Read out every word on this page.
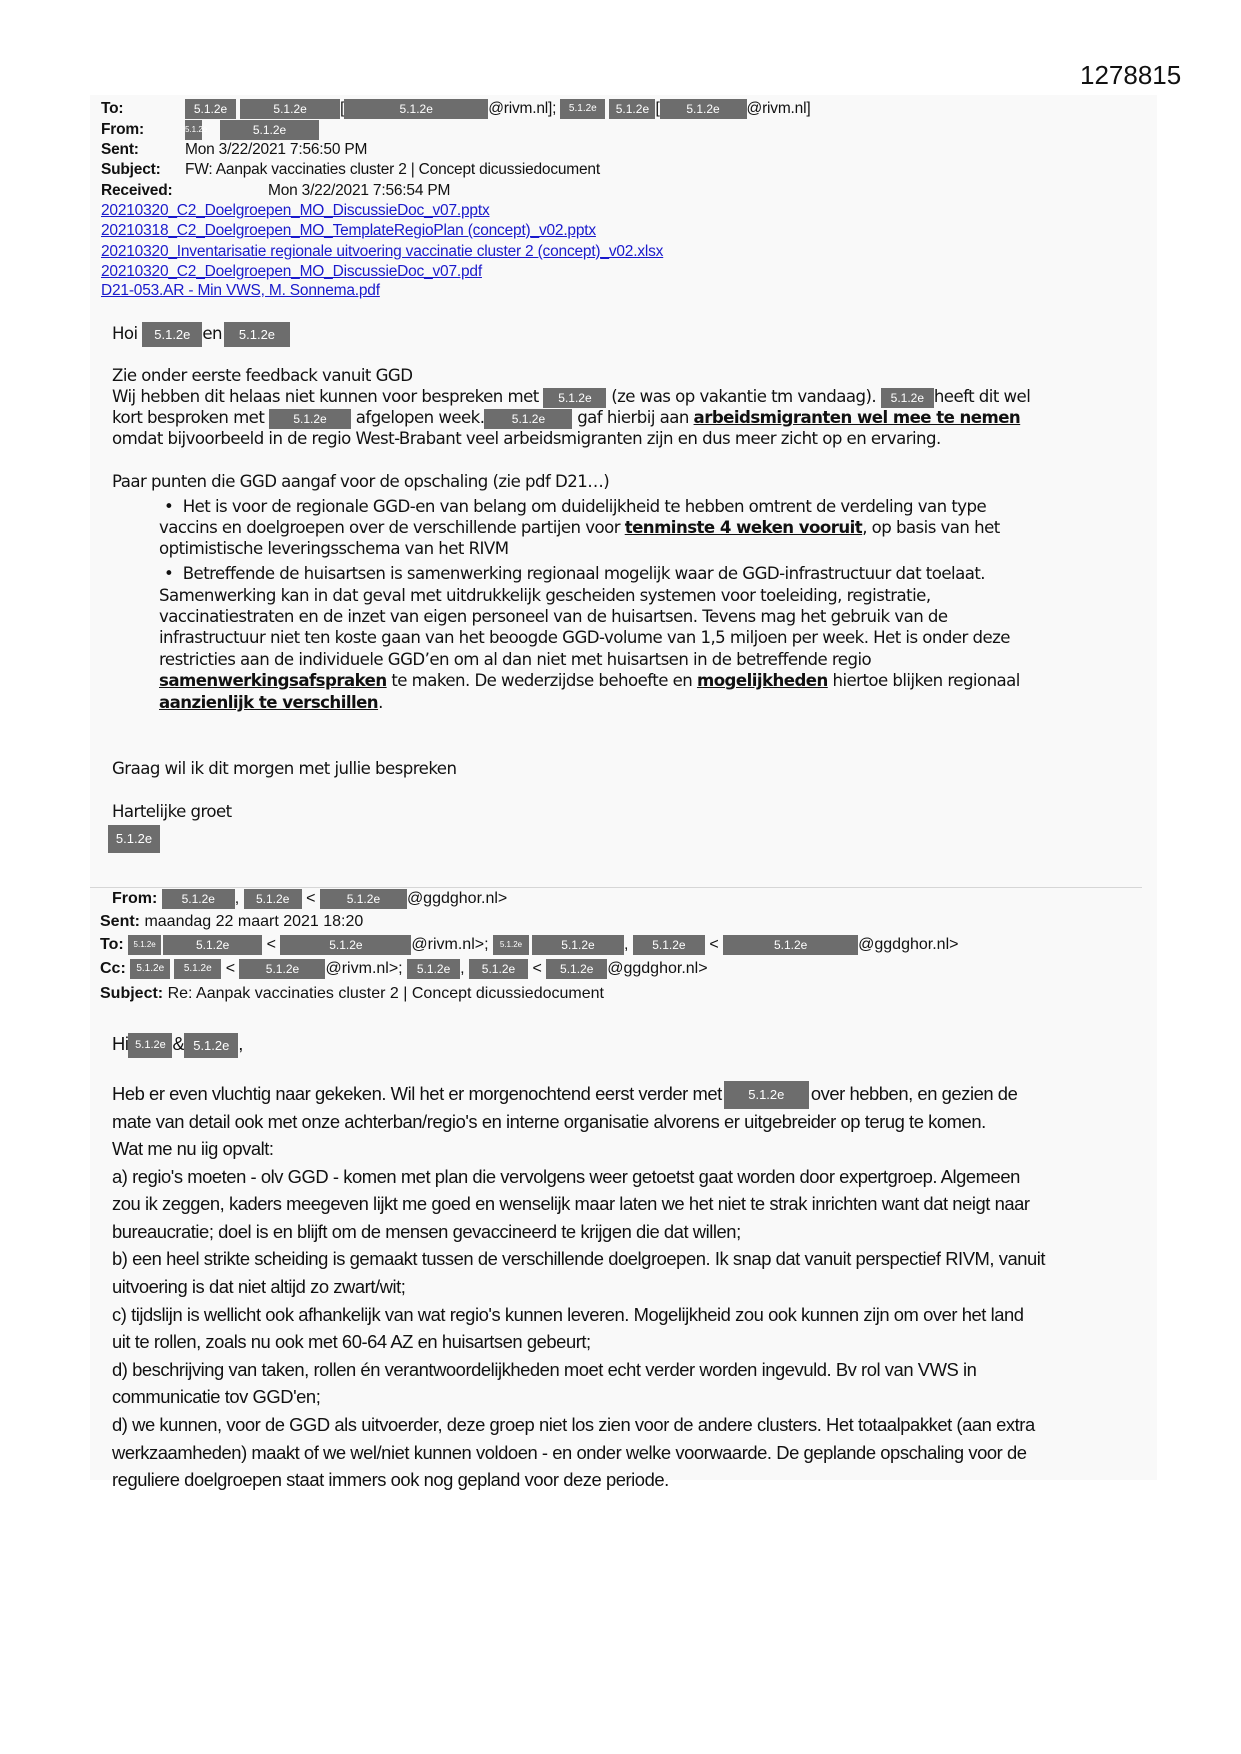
1278815
To:	5.1.2e	5.1.2e [	5.1.2e	@rivm.nl]; 5.1.2e 5.1.2e [ 5.1.2e @rivm.nl]
From:	5.1.2e	5.1.2e
Sent:	Mon 3/22/2021 7:56:50 PM
Subject: FW: Aanpak vaccinaties cluster 2 | Concept dicussiedocument
Received:	Mon 3/22/2021 7:56:54 PM
20210320_C2_Doelgroepen_MO_DiscussieDoc_v07.pptx
20210318_C2_Doelgroepen_MO_TemplateRegioPlan (concept)_v02.pptx
20210320_Inventarisatie regionale uitvoering vaccinatie cluster 2 (concept)_v02.xlsx
20210320_C2_Doelgroepen_MO_DiscussieDoc_v07.pdf
D21-053.AR - Min VWS, M. Sonnema.pdf
Hoi 5.1.2e en 5.1.2e
Zie onder eerste feedback vanuit GGD
Wij hebben dit helaas niet kunnen voor bespreken met 5.1.2e (ze was op vakantie tm vandaag). 5.1.2e heeft dit wel
kort besproken met 5.1.2e afgelopen week. 5.1.2e gaf hierbij aan arbeidsmigranten wel mee te nemen
omdat bijvoorbeeld in de regio West-Brabant veel arbeidsmigranten zijn en dus meer zicht op en ervaring.
Paar punten die GGD aangaf voor de opschaling (zie pdf D21…)
• Het is voor de regionale GGD-en van belang om duidelijkheid te hebben omtrent de verdeling van type
vaccins en doelgroepen over de verschillende partijen voor tenminste 4 weken vooruit, op basis van het
optimistische leveringsschema van het RIVM
• Betreffende de huisartsen is samenwerking regionaal mogelijk waar de GGD-infrastructuur dat toelaat.
Samenwerking kan in dat geval met uitdrukkelijk gescheiden systemen voor toeleiding, registratie,
vaccinatiestraten en de inzet van eigen personeel van de huisartsen. Tevens mag het gebruik van de
infrastructuur niet ten koste gaan van het beoogde GGD-volume van 1,5 miljoen per week. Het is onder deze
restricties aan de individuele GGD’en om al dan niet met huisartsen in de betreffende regio
samenwerkingsafspraken te maken. De wederzijdse behoefte en mogelijkheden hiertoe blijken regionaal
aanzienlijk te verschillen.
Graag wil ik dit morgen met jullie bespreken
Hartelijke groet
5.1.2e
From: 5.1.2e , 5.1.2e <	5.1.2e @ggdghor.nl>
Sent: maandag 22 maart 2021 18:20
To: 5.1.2e	5.1.2e <	5.1.2e	@rivm.nl>; 5.1.2e	5.1.2e , 5.1.2e <	5.1.2e	@ggdghor.nl>
Cc: 5.1.2e 5.1.2e <	5.1.2e @rivm.nl>; 5.1.2e , 5.1.2e < 5.1.2e @ggdghor.nl>
Subject: Re: Aanpak vaccinaties cluster 2 | Concept dicussiedocument
Hi 5.1.2e & 5.1.2e ,
Heb er even vluchtig naar gekeken. Wil het er morgenochtend eerst verder met 5.1.2e over hebben, en gezien de
mate van detail ook met onze achterban/regio's en interne organisatie alvorens er uitgebreider op terug te komen.
Wat me nu iig opvalt:
a) regio's moeten - olv GGD - komen met plan die vervolgens weer getoetst gaat worden door expertgroep. Algemeen
zou ik zeggen, kaders meegeven lijkt me goed en wenselijk maar laten we het niet te strak inrichten want dat neigt naar
bureaucratie; doel is en blijft om de mensen gevaccineerd te krijgen die dat willen;
b) een heel strikte scheiding is gemaakt tussen de verschillende doelgroepen. Ik snap dat vanuit perspectief RIVM, vanuit
uitvoering is dat niet altijd zo zwart/wit;
c) tijdslijn is wellicht ook afhankelijk van wat regio's kunnen leveren. Mogelijkheid zou ook kunnen zijn om over het land
uit te rollen, zoals nu ook met 60-64 AZ en huisartsen gebeurt;
d) beschrijving van taken, rollen én verantwoordelijkheden moet echt verder worden ingevuld. Bv rol van VWS in
communicatie tov GGD'en;
d) we kunnen, voor de GGD als uitvoerder, deze groep niet los zien voor de andere clusters. Het totaalpakket (aan extra
werkzaamheden) maakt of we wel/niet kunnen voldoen - en onder welke voorwaarde. De geplande opschaling voor de
reguliere doelgroepen staat immers ook nog gepland voor deze periode.
